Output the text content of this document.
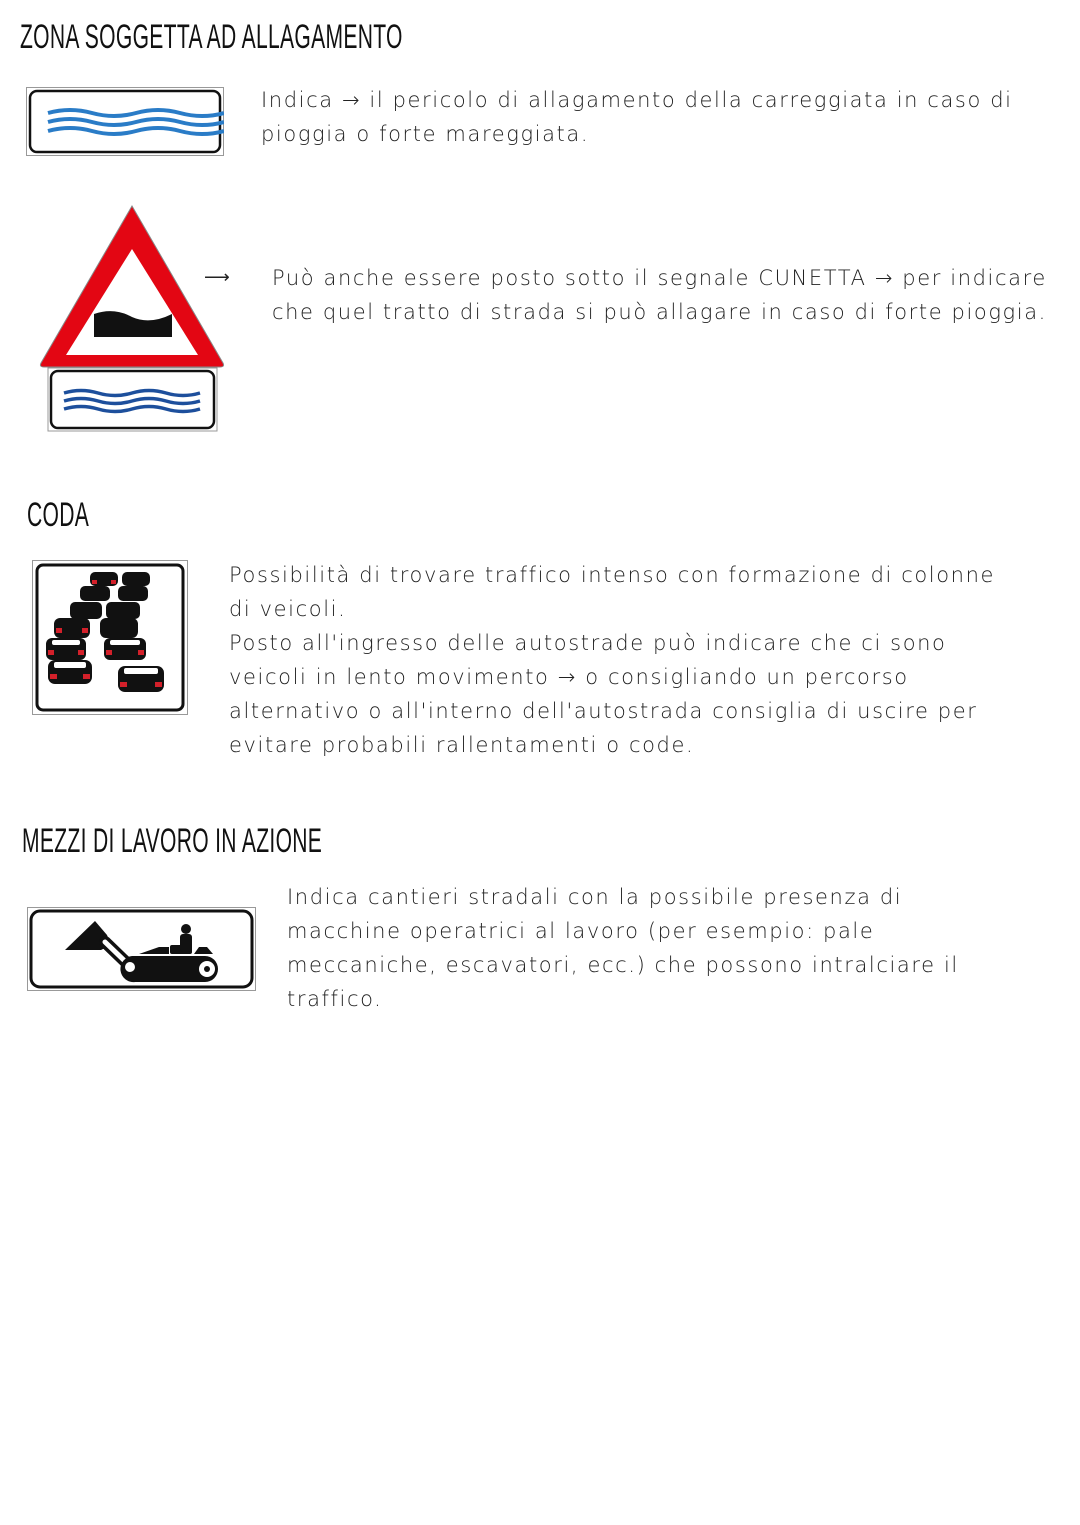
ZONA SOGGETTA AD ALLAGAMENTO
Indica → il pericolo di allagamento della carreggiata in caso di
pioggia o forte mareggiata.
⟶ Può anche essere posto sotto il segnale CUNETTA → per indicare
che quel tratto di strada si può allagare in caso di forte pioggia.
CODA
Possibilità di trovare traffico intenso con formazione di colonne
di veicoli.
Posto all'ingresso delle autostrade può indicare che ci sono
veicoli in lento movimento → o consigliando un percorso
alternativo o all'interno dell'autostrada consiglia di uscire per
evitare probabili rallentamenti o code.
MEZZI DI LAVORO IN AZIONE
Indica cantieri stradali con la possibile presenza di
macchine operatrici al lavoro (per esempio: pale
meccaniche, escavatori, ecc.) che possono intralciare il
traffico.
